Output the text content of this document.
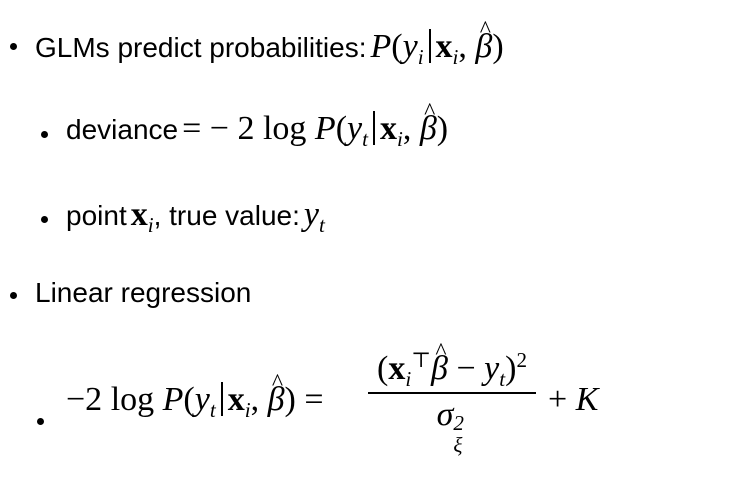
GLMs predict probabilities: P(yi xi, ^ β)
deviance = − 2 log P(yt xi, ^ β)
point xi, true value: yt
Linear regression
−2 log P(yt xi, ^ β) =
(xi⊤^ β − yt)$^2$
σ 2
ξ
+ K
